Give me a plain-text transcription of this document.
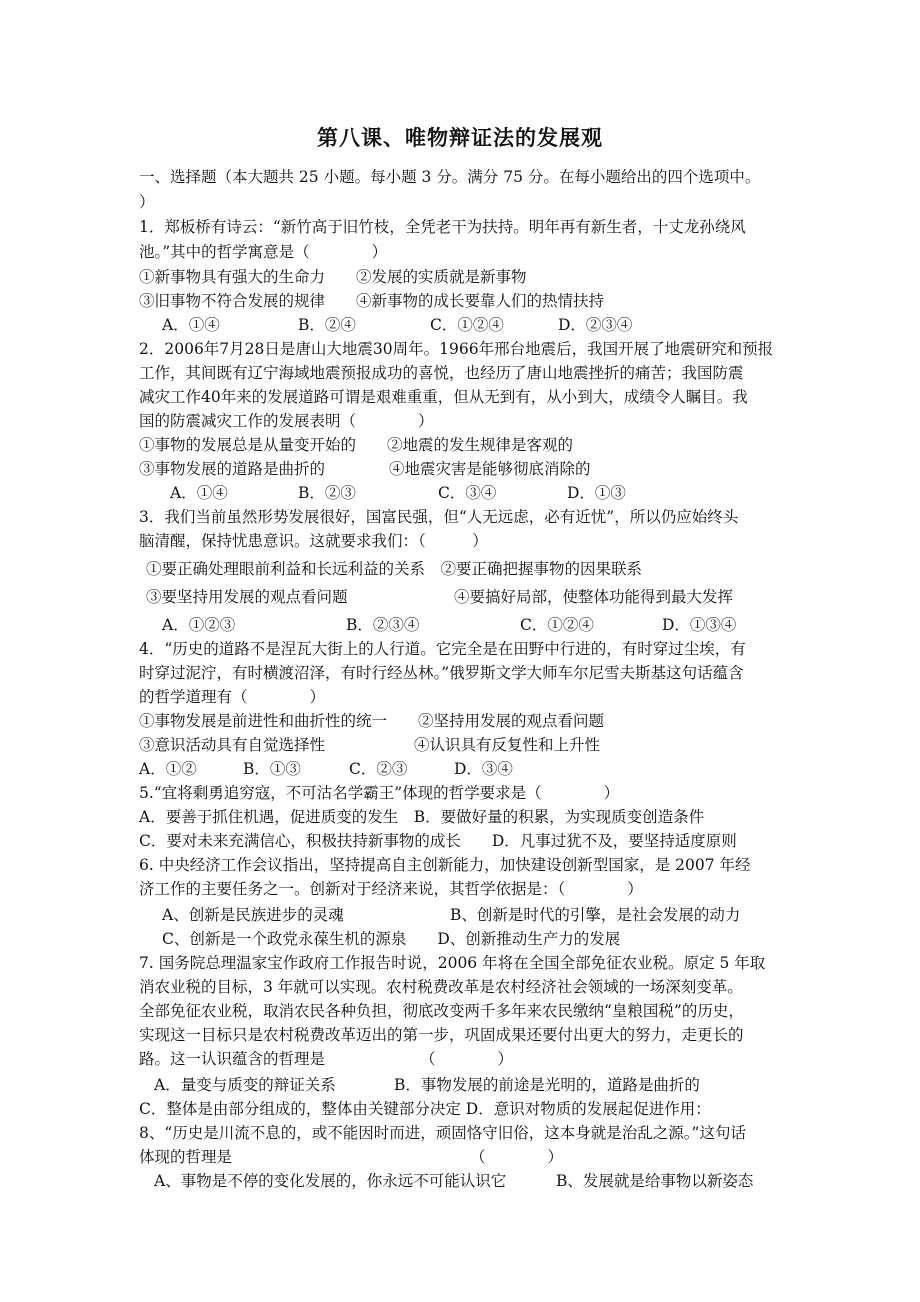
第八课、唯物辩证法的发展观
一、选择题（本大题共 25 小题。每小题 3 分。满分 75 分。在每小题给出的四个选项中。
）
1．郑板桥有诗云：“新竹高于旧竹枝，全凭老干为扶持。明年再有新生者，十丈龙孙绕风
池。”其中的哲学寓意是（　　　　）
①新事物具有强大的生命力　　②发展的实质就是新事物
③旧事物不符合发展的规律　　④新事物的成长要靠人们的热情扶持
A．①④	B．②④	C．①②④	D．②③④
2．2006年7月28日是唐山大地震30周年。1966年邢台地震后，我国开展了地震研究和预报
工作，其间既有辽宁海域地震预报成功的喜悦，也经历了唐山地震挫折的痛苦；我国防震
减灾工作40年来的发展道路可谓是艰难重重，但从无到有，从小到大，成绩令人瞩目。我
国的防震减灾工作的发展表明（　　　　）
①事物的发展总是从量变开始的　　②地震的发生规律是客观的
③事物发展的道路是曲折的	④地震灾害是能够彻底消除的
A．①④	B．②③	C．③④	D．①③
3．我们当前虽然形势发展很好，国富民强，但“人无远虑，必有近忧”，所以仍应始终头
脑清醒，保持忧患意识。这就要求我们：（　　　）
①要正确处理眼前利益和长远利益的关系　②要正确把握事物的因果联系
③要坚持用发展的观点看问题	④要搞好局部，使整体功能得到最大发挥
A．①②③	B．②③④	C．①②④	D．①③④
4．“历史的道路不是涅瓦大街上的人行道。它完全是在田野中行进的，有时穿过尘埃，有
时穿过泥泞，有时横渡沼泽，有时行经丛林。”俄罗斯文学大师车尔尼雪夫斯基这句话蕴含
的哲学道理有（　　　　）
①事物发展是前进性和曲折性的统一　　②坚持用发展的观点看问题
③意识活动具有自觉选择性	④认识具有反复性和上升性
A．①②	B．①③	C．②③	D．③④
5.“宜将剩勇追穷寇，不可沽名学霸王”体现的哲学要求是（　　　　）
A．要善于抓住机遇，促进质变的发生　B．要做好量的积累，为实现质变创造条件
C．要对未来充满信心，积极扶持新事物的成长　　D．凡事过犹不及，要坚持适度原则
6. 中央经济工作会议指出，坚持提高自主创新能力，加快建设创新型国家，是 2007 年经
济工作的主要任务之一。创新对于经济来说，其哲学依据是：（　　　　）
A、创新是民族进步的灵魂	B、创新是时代的引擎，是社会发展的动力
C、创新是一个政党永葆生机的源泉　　D、创新推动生产力的发展
7. 国务院总理温家宝作政府工作报告时说，2006 年将在全国全部免征农业税。原定 5 年取
消农业税的目标，3 年就可以实现。农村税费改革是农村经济社会领域的一场深刻变革。
全部免征农业税，取消农民各种负担，彻底改变两千多年来农民缴纳“皇粮国税”的历史，
实现这一目标只是农村税费改革迈出的第一步，巩固成果还要付出更大的努力，走更长的
路。这一认识蕴含的哲理是	（　　　　）
A．量变与质变的辩证关系	B．事物发展的前途是光明的，道路是曲折的
C．整体是由部分组成的，整体由关键部分决定 D．意识对物质的发展起促进作用：
8、“历史是川流不息的，或不能因时而进，顽固恪守旧俗，这本身就是治乱之源。”这句话
体现的哲理是	（　　　　）
A、事物是不停的变化发展的，你永远不可能认识它	B、发展就是给事物以新姿态
